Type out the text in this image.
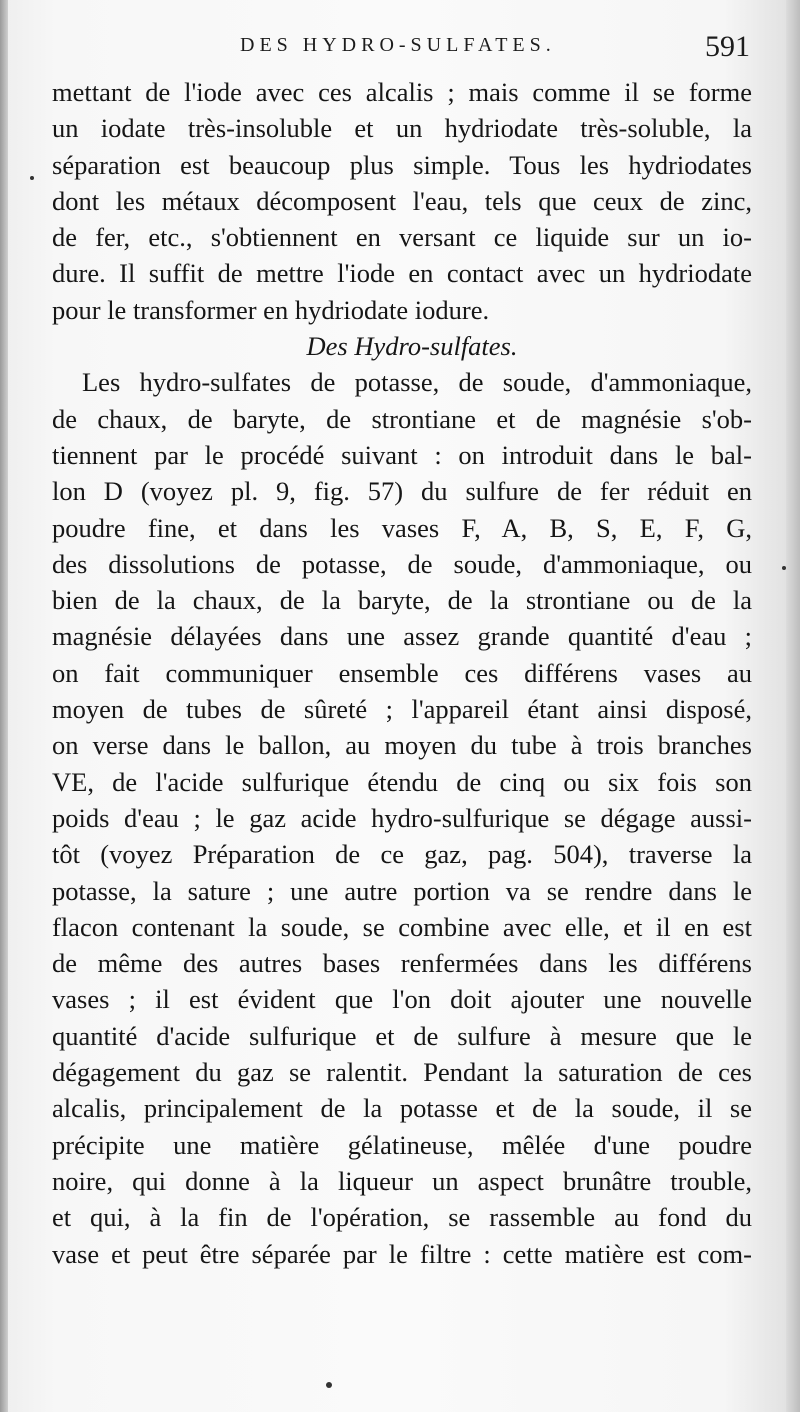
DES HYDRO-SULFATES.	591
mettant de l'iode avec ces alcalis ; mais comme il se forme
un iodate très-insoluble et un hydriodate très-soluble, la
séparation est beaucoup plus simple. Tous les hydriodates
dont les métaux décomposent l'eau, tels que ceux de zinc,
de fer, etc., s'obtiennent en versant ce liquide sur un io-
dure. Il suffit de mettre l'iode en contact avec un hydriodate
pour le transformer en hydriodate iodure.
Des Hydro-sulfates.
Les hydro-sulfates de potasse, de soude, d'ammoniaque,
de chaux, de baryte, de strontiane et de magnésie s'ob-
tiennent par le procédé suivant : on introduit dans le bal-
lon D (voyez pl. 9, fig. 57) du sulfure de fer réduit en
poudre fine, et dans les vases F, A, B, S, E, F, G,
des dissolutions de potasse, de soude, d'ammoniaque, ou
bien de la chaux, de la baryte, de la strontiane ou de la
magnésie délayées dans une assez grande quantité d'eau ;
on fait communiquer ensemble ces différens vases au
moyen de tubes de sûreté ; l'appareil étant ainsi disposé,
on verse dans le ballon, au moyen du tube à trois branches
VE, de l'acide sulfurique étendu de cinq ou six fois son
poids d'eau ; le gaz acide hydro-sulfurique se dégage aussi-
tôt (voyez Préparation de ce gaz, pag. 504), traverse la
potasse, la sature ; une autre portion va se rendre dans le
flacon contenant la soude, se combine avec elle, et il en est
de même des autres bases renfermées dans les différens
vases ; il est évident que l'on doit ajouter une nouvelle
quantité d'acide sulfurique et de sulfure à mesure que le
dégagement du gaz se ralentit. Pendant la saturation de ces
alcalis, principalement de la potasse et de la soude, il se
précipite une matière gélatineuse, mêlée d'une poudre
noire, qui donne à la liqueur un aspect brunâtre trouble,
et qui, à la fin de l'opération, se rassemble au fond du
vase et peut être séparée par le filtre : cette matière est com-
